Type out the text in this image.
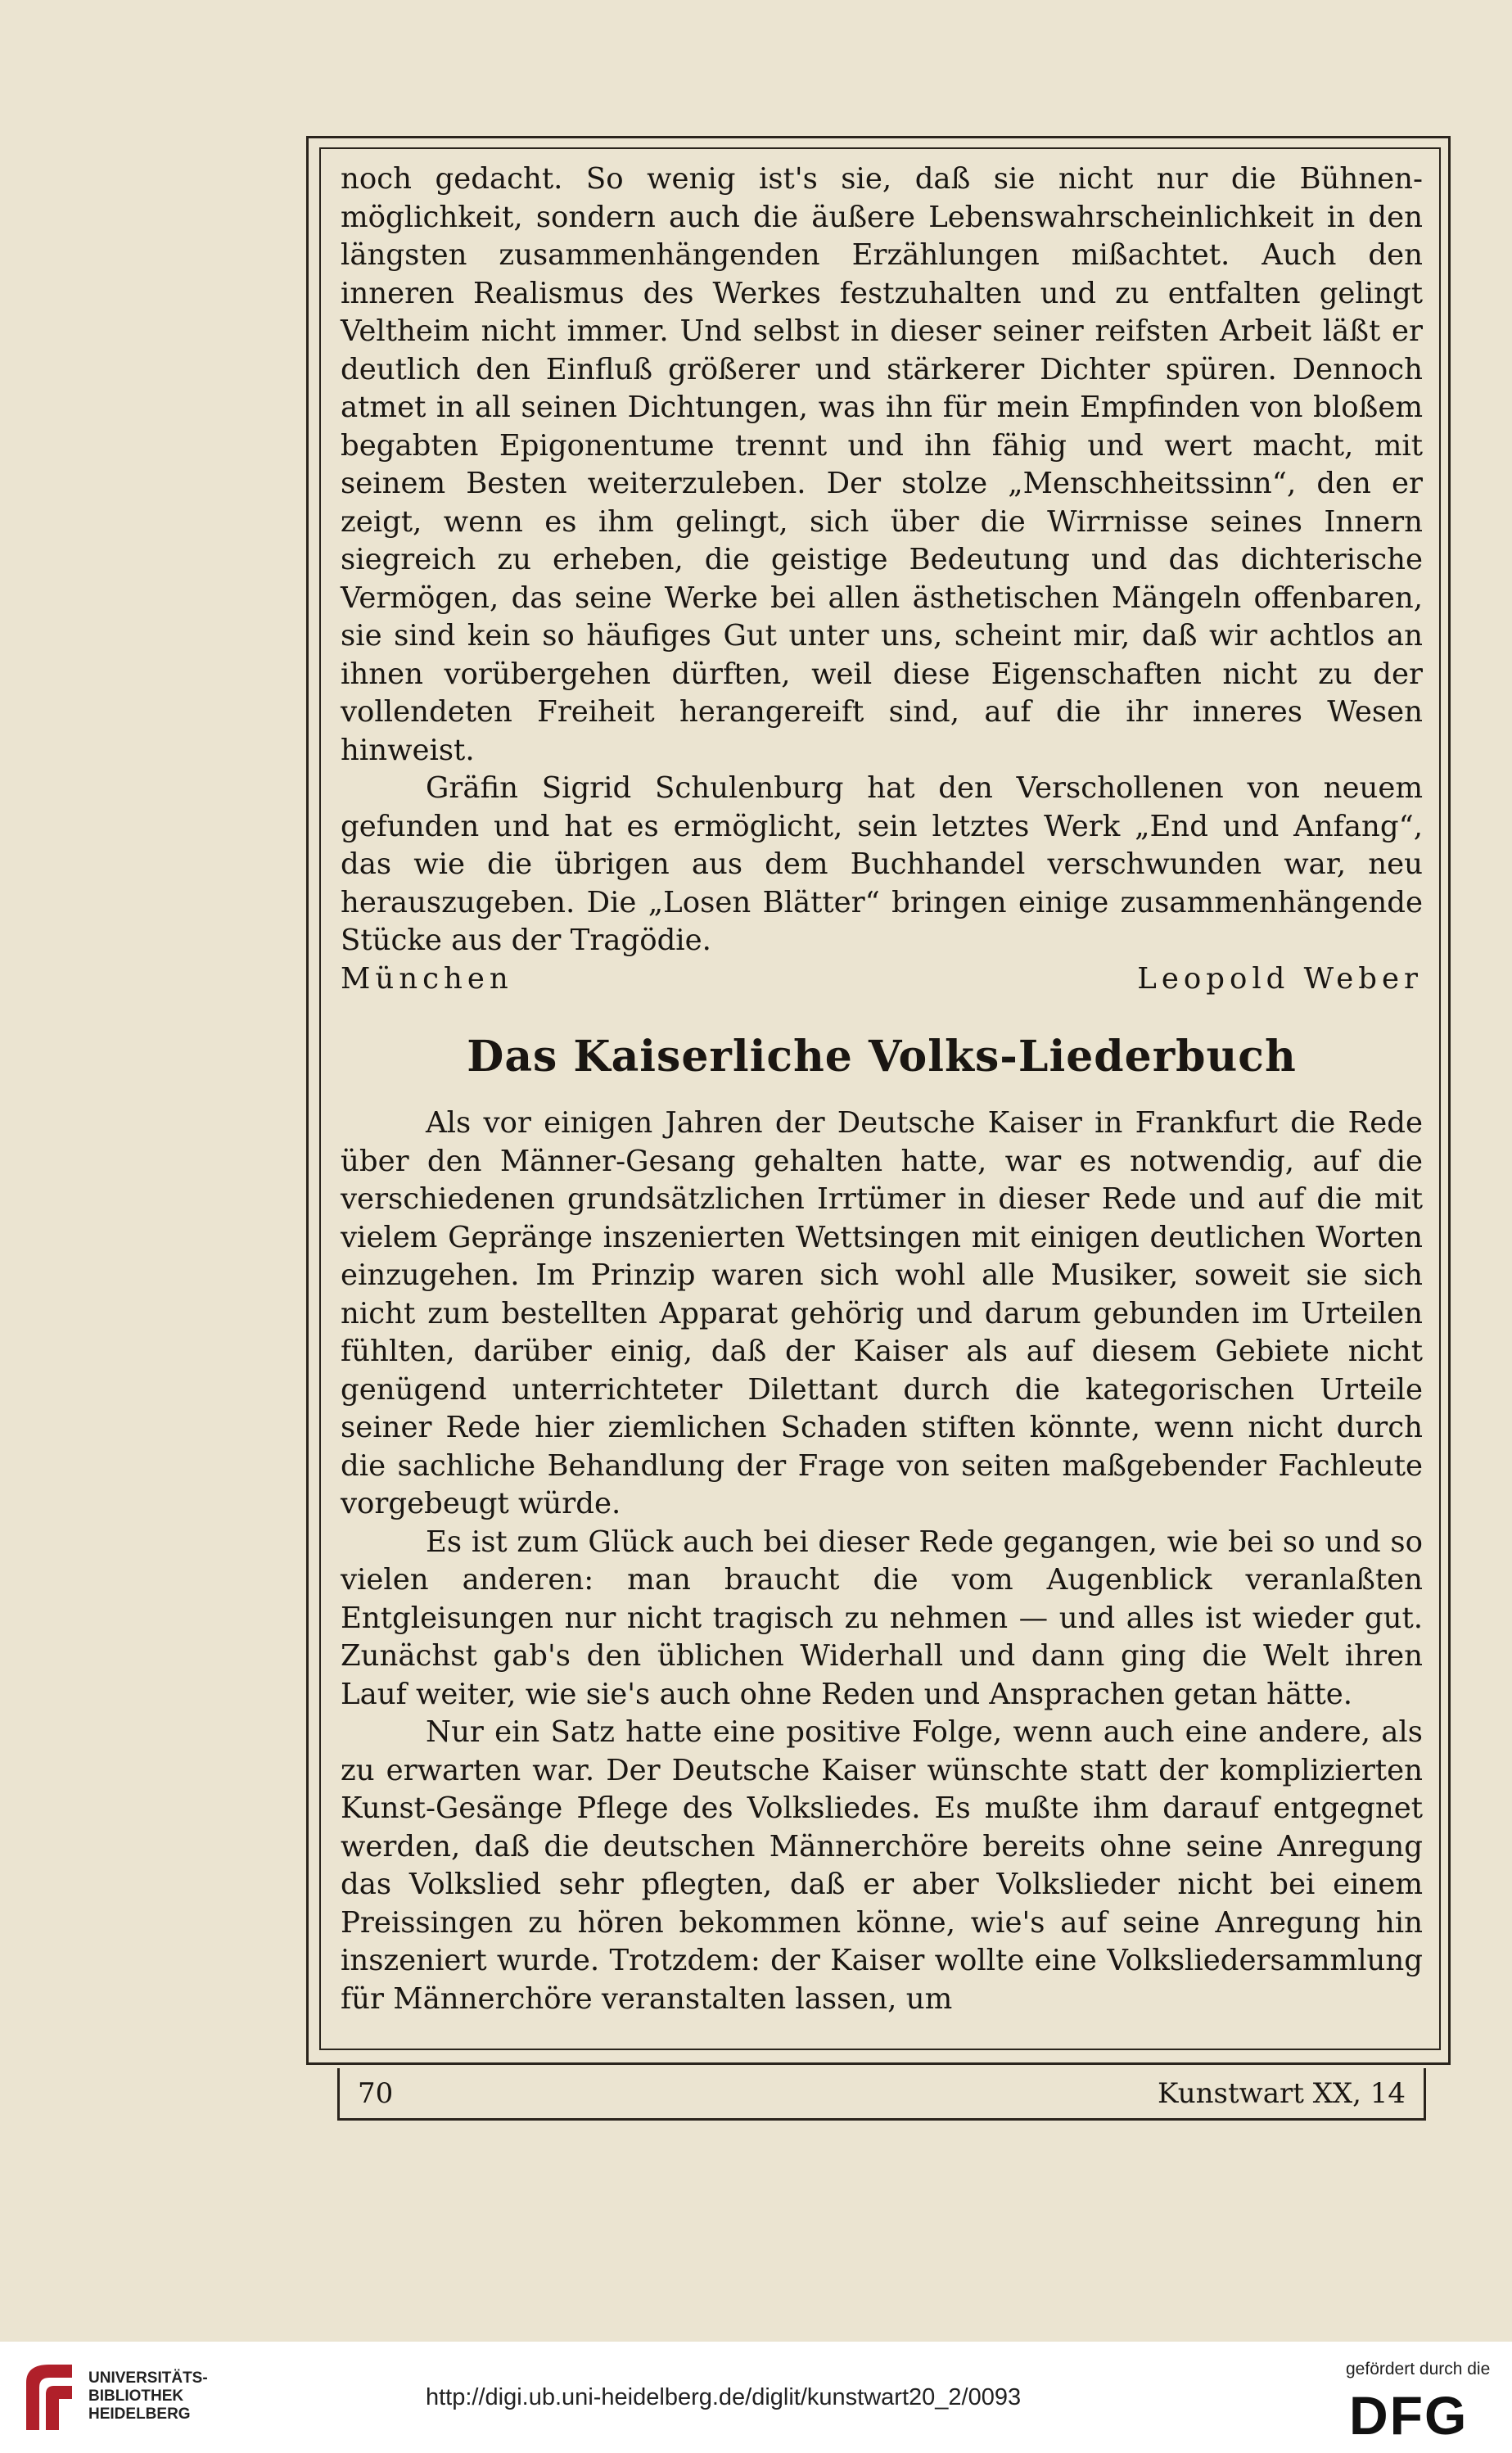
noch gedacht. So wenig ist's sie, daß sie nicht nur die Bühnen-möglichkeit, sondern auch die äußere Lebenswahrscheinlichkeit in den längsten zusammenhängenden Erzählungen mißachtet. Auch den inneren Realismus des Werkes festzuhalten und zu entfalten gelingt Veltheim nicht immer. Und selbst in dieser seiner reifsten Arbeit läßt er deutlich den Einfluß größerer und stärkerer Dichter spüren. Dennoch atmet in all seinen Dichtungen, was ihn für mein Empfinden von bloßem begabten Epigonentume trennt und ihn fähig und wert macht, mit seinem Besten weiterzuleben. Der stolze „Menschheitssinn“, den er zeigt, wenn es ihm gelingt, sich über die Wirrnisse seines Innern siegreich zu erheben, die geistige Bedeutung und das dichterische Vermögen, das seine Werke bei allen ästhetischen Mängeln offenbaren, sie sind kein so häufiges Gut unter uns, scheint mir, daß wir achtlos an ihnen vorübergehen dürften, weil diese Eigenschaften nicht zu der vollendeten Freiheit herangereift sind, auf die ihr inneres Wesen hinweist.

Gräfin Sigrid Schulenburg hat den Verschollenen von neuem gefunden und hat es ermöglicht, sein letztes Werk „End und Anfang“, das wie die übrigen aus dem Buchhandel verschwunden war, neu herauszugeben. Die „Losen Blätter“ bringen einige zusammenhängende Stücke aus der Tragödie.

München	Leopold Weber
Das Kaiserliche Volks-Liederbuch

Als vor einigen Jahren der Deutsche Kaiser in Frankfurt die Rede über den Männer-Gesang gehalten hatte, war es notwendig, auf die verschiedenen grundsätzlichen Irrtümer in dieser Rede und auf die mit vielem Gepränge inszenierten Wettsingen mit einigen deutlichen Worten einzugehen. Im Prinzip waren sich wohl alle Musiker, soweit sie sich nicht zum bestellten Apparat gehörig und darum gebunden im Urteilen fühlten, darüber einig, daß der Kaiser als auf diesem Gebiete nicht genügend unterrichteter Dilettant durch die kategorischen Urteile seiner Rede hier ziemlichen Schaden stiften könnte, wenn nicht durch die sachliche Behandlung der Frage von seiten maßgebender Fachleute vorgebeugt würde.

Es ist zum Glück auch bei dieser Rede gegangen, wie bei so und so vielen anderen: man braucht die vom Augenblick veranlaßten Entgleisungen nur nicht tragisch zu nehmen — und alles ist wieder gut. Zunächst gab's den üblichen Widerhall und dann ging die Welt ihren Lauf weiter, wie sie's auch ohne Reden und Ansprachen getan hätte.

Nur ein Satz hatte eine positive Folge, wenn auch eine andere, als zu erwarten war. Der Deutsche Kaiser wünschte statt der komplizierten Kunst-Gesänge Pflege des Volksliedes. Es mußte ihm darauf entgegnet werden, daß die deutschen Männerchöre bereits ohne seine Anregung das Volkslied sehr pflegten, daß er aber Volkslieder nicht bei einem Preissingen zu hören bekommen könne, wie's auf seine Anregung hin inszeniert wurde. Trotzdem: der Kaiser wollte eine Volksliedersammlung für Männerchöre veranstalten lassen, um

70	Kunstwart XX, 14
UNIVERSITÄTS-
BIBLIOTHEK
HEIDELBERG
http://digi.ub.uni-heidelberg.de/diglit/kunstwart20_2/0093
gefördert durch die
DFG
